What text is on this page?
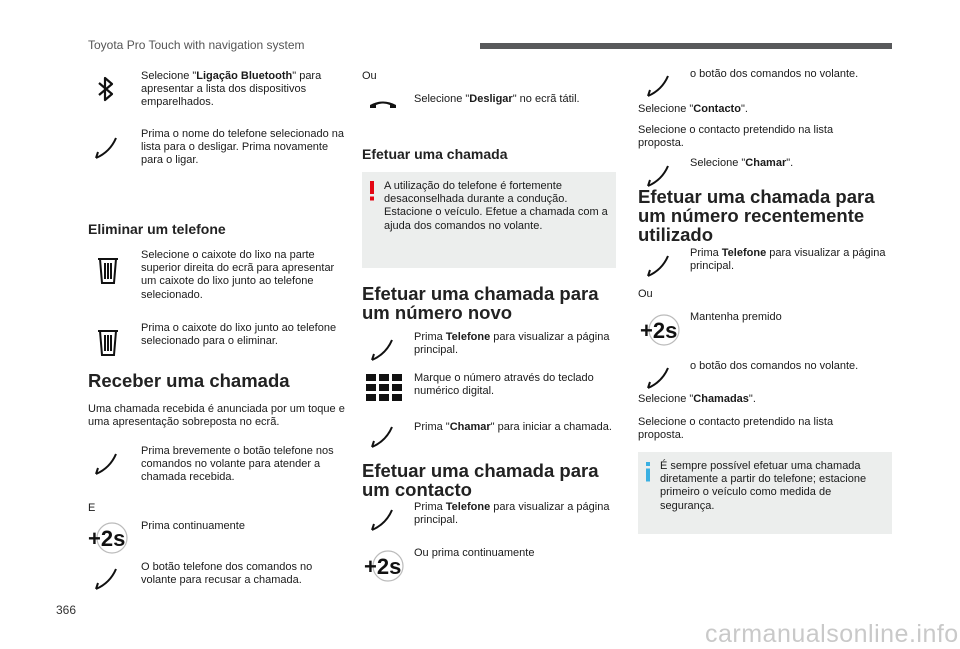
Toyota Pro Touch with navigation system
Selecione "Ligação Bluetooth" para apresentar a lista dos dispositivos emparelhados.
Prima o nome do telefone selecionado na lista para o desligar. Prima novamente para o ligar.
Eliminar um telefone
Selecione o caixote do lixo na parte superior direita do ecrã para apresentar um caixote do lixo junto ao telefone selecionado.
Prima o caixote do lixo junto ao telefone selecionado para o eliminar.
Receber uma chamada
Uma chamada recebida é anunciada por um toque e uma apresentação sobreposta no ecrã.
Prima brevemente o botão telefone nos comandos no volante para atender a chamada recebida.
E
+2s Prima continuamente
O botão telefone dos comandos no volante para recusar a chamada.
Ou
Selecione "Desligar" no ecrã tátil.
Efetuar uma chamada
A utilização do telefone é fortemente desaconselhada durante a condução. Estacione o veículo. Efetue a chamada com a ajuda dos comandos no volante.
Efetuar uma chamada para um número novo
Prima Telefone para visualizar a página principal.
Marque o número através do teclado numérico digital.
Prima "Chamar" para iniciar a chamada.
Efetuar uma chamada para um contacto
Prima Telefone para visualizar a página principal.
+2s
Ou prima continuamente
o botão dos comandos no volante.
Selecione "Contacto".
Selecione o contacto pretendido na lista proposta.
Selecione "Chamar".
Efetuar uma chamada para um número recentemente utilizado
Prima Telefone para visualizar a página principal.
Ou
+2s
Mantenha premido
o botão dos comandos no volante.
Selecione "Chamadas".
Selecione o contacto pretendido na lista proposta.
É sempre possível efetuar uma chamada diretamente a partir do telefone; estacione primeiro o veículo como medida de segurança.
366
carmanualsonline.info
